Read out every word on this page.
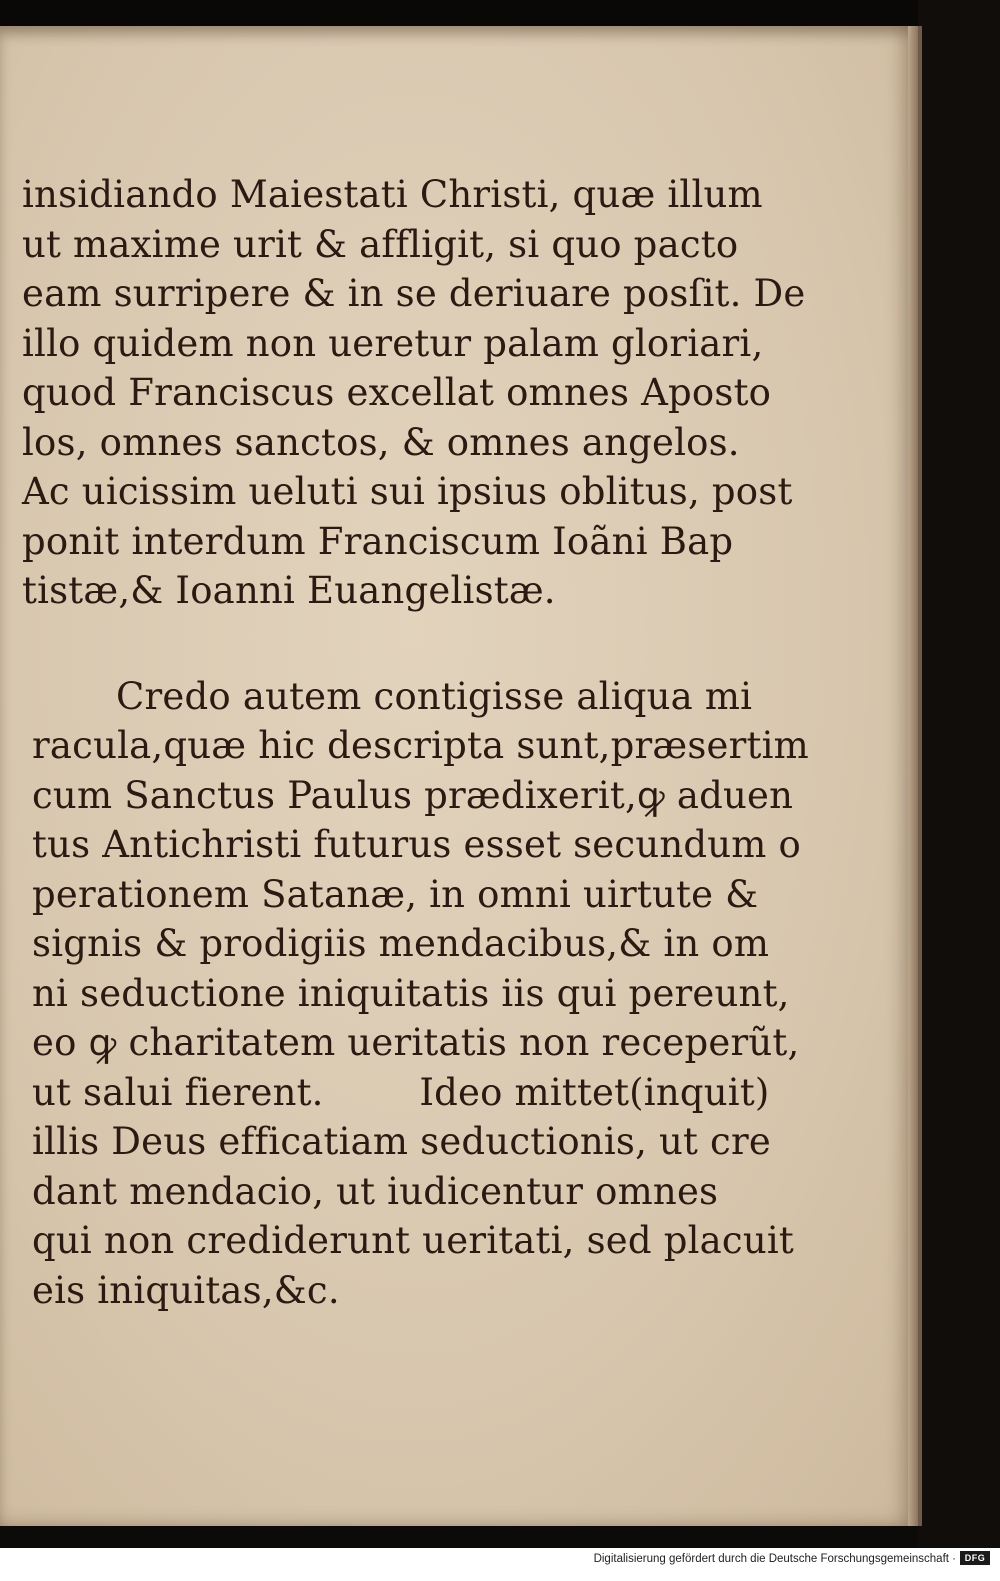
insidiando Maiestati Christi, quæ illum
ut maxime urit & affligit, si quo pacto
eam surripere & in se deriuare posſit. De
illo quidem non ueretur palam gloriari,
quod Franciscus excellat omnes Aposto
los, omnes sanctos, & omnes angelos.
Ac uicissim ueluti sui ipsius oblitus, post
ponit interdum Franciscum Ioãni Bap
tistæ,& Ioanni Euangelistæ.
Credo autem contigisse aliqua mi
racula,quæ hic descripta sunt,præsertim
cum Sanctus Paulus prædixerit,ꝙ aduen
tus Antichristi futurus esset secundum o
perationem Satanæ, in omni uirtute &
signis & prodigiis mendacibus,& in om
ni seductione iniquitatis iis qui pereunt,
eo ꝙ charitatem ueritatis non receperũt,
ut salui fierent.        Ideo mittet(inquit)
illis Deus efficatiam seductionis, ut cre
dant mendacio, ut iudicentur omnes
qui non crediderunt ueritati, sed placuit
eis iniquitas,&c.
Digitalisierung gefördert durch die Deutsche Forschungsgemeinschaft · DFG
